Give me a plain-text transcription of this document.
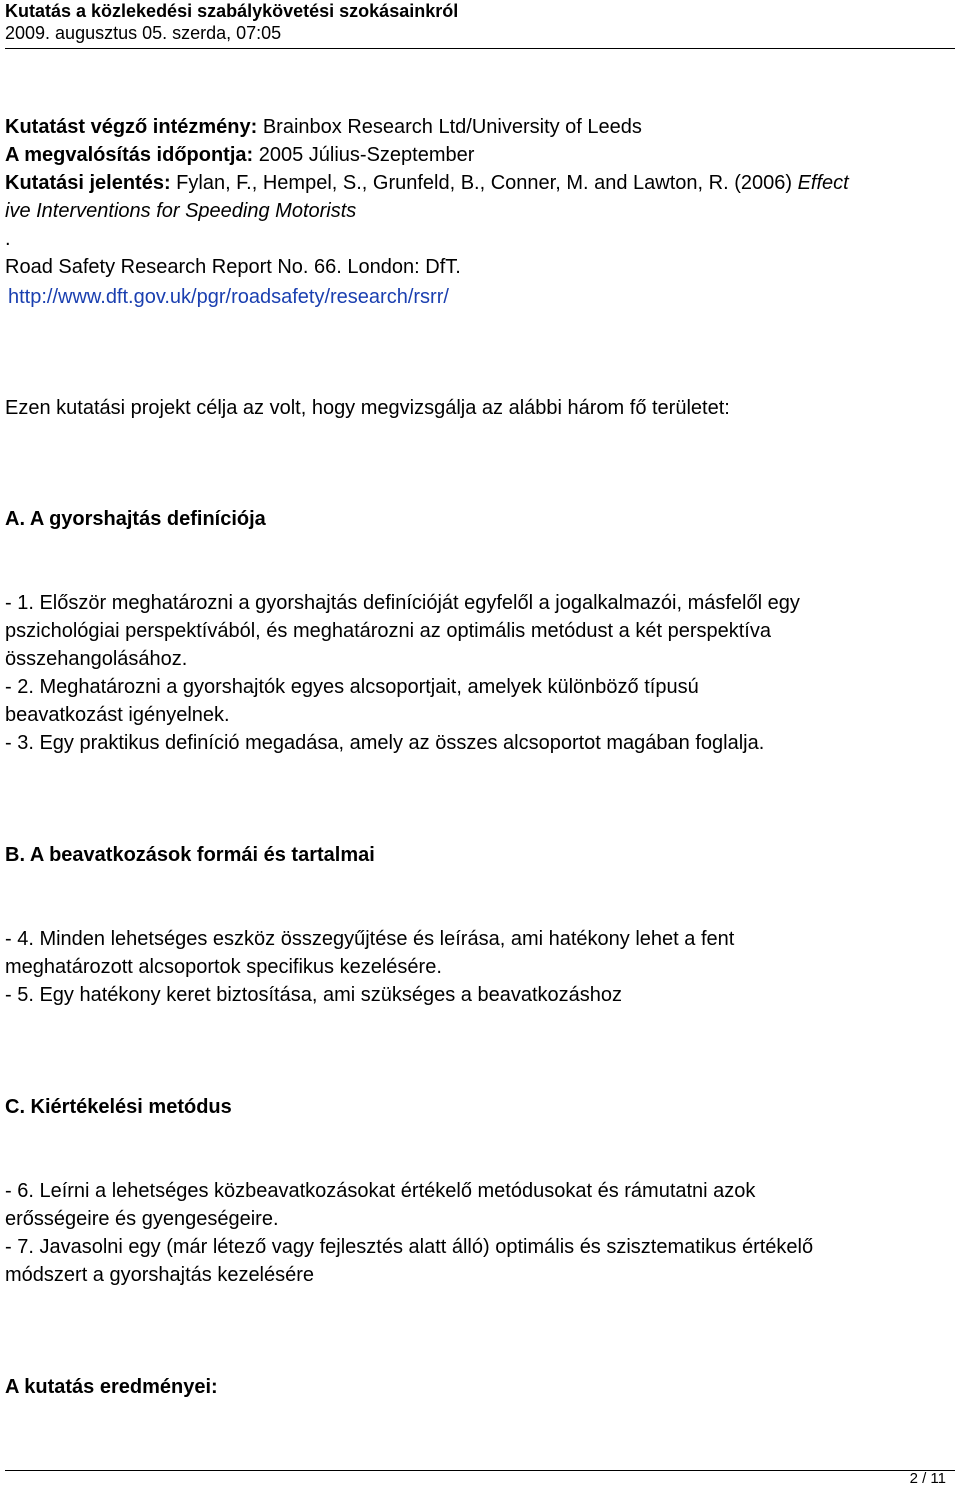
Kutatás a közlekedési szabálykövetési szokásainkról
2009. augusztus 05. szerda, 07:05
Kutatást végző intézmény: Brainbox Research Ltd/University of Leeds
A megvalósítás időpontja: 2005 Július-Szeptember
Kutatási jelentés: Fylan, F., Hempel, S., Grunfeld, B., Conner, M. and Lawton, R. (2006) Effect
ive Interventions for Speeding Motorists
.
Road Safety Research Report No. 66. London: DfT.
http://www.dft.gov.uk/pgr/roadsafety/research/rsrr/
Ezen kutatási projekt célja az volt, hogy megvizsgálja az alábbi három fő területet:
A. A gyorshajtás definíciója
- 1. Először meghatározni a gyorshajtás definícióját egyfelől a jogalkalmazói, másfelől egy
pszichológiai perspektívából, és meghatározni az optimális metódust a két perspektíva
összehangolásához.
- 2. Meghatározni a gyorshajtók egyes alcsoportjait, amelyek különböző típusú
beavatkozást igényelnek.
- 3. Egy praktikus definíció megadása, amely az összes alcsoportot magában foglalja.
B. A beavatkozások formái és tartalmai
- 4. Minden lehetséges eszköz összegyűjtése és leírása, ami hatékony lehet a fent
meghatározott alcsoportok specifikus kezelésére.
- 5. Egy hatékony keret biztosítása, ami szükséges a beavatkozáshoz
C. Kiértékelési metódus
- 6. Leírni a lehetséges közbeavatkozásokat értékelő metódusokat és rámutatni azok
erősségeire és gyengeségeire.
- 7. Javasolni egy (már létező vagy fejlesztés alatt álló) optimális és szisztematikus értékelő
módszert a gyorshajtás kezelésére
A kutatás eredményei:
2 / 11
